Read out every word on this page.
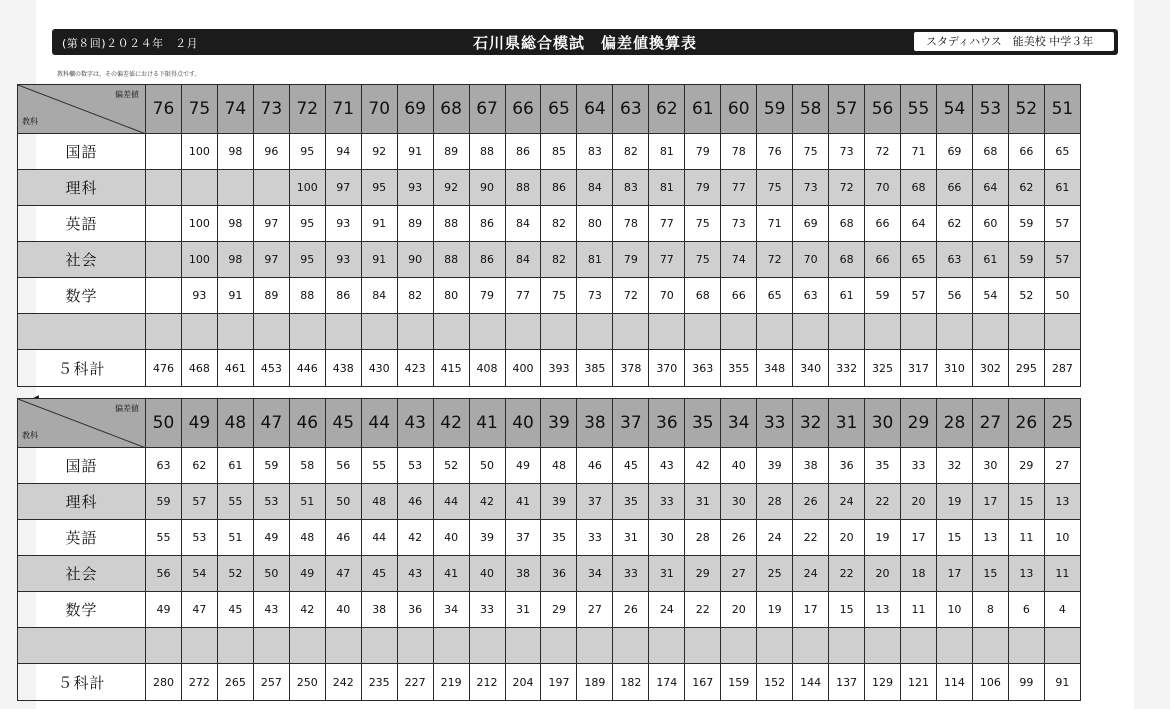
(第８回)２０２４年　２月	石川県総合模試　偏差値換算表	スタディハウス　能美校 中学３年
教科欄の数字は、その偏差値における下限得点です。
偏差値
教科	76	75	74	73	72	71	70	69	68	67	66	65	64	63	62	61	60	59	58	57	56	55	54	53	52	51
国語		100	98	96	95	94	92	91	89	88	86	85	83	82	81	79	78	76	75	73	72	71	69	68	66	65
理科					100	97	95	93	92	90	88	86	84	83	81	79	77	75	73	72	70	68	66	64	62	61
英語		100	98	97	95	93	91	89	88	86	84	82	80	78	77	75	73	71	69	68	66	64	62	60	59	57
社会		100	98	97	95	93	91	90	88	86	84	82	81	79	77	75	74	72	70	68	66	65	63	61	59	57
数学		93	91	89	88	86	84	82	80	79	77	75	73	72	70	68	66	65	63	61	59	57	56	54	52	50

５科計	476	468	461	453	446	438	430	423	415	408	400	393	385	378	370	363	355	348	340	332	325	317	310	302	295	287
偏差値
教科	50	49	48	47	46	45	44	43	42	41	40	39	38	37	36	35	34	33	32	31	30	29	28	27	26	25
国語	63	62	61	59	58	56	55	53	52	50	49	48	46	45	43	42	40	39	38	36	35	33	32	30	29	27
理科	59	57	55	53	51	50	48	46	44	42	41	39	37	35	33	31	30	28	26	24	22	20	19	17	15	13
英語	55	53	51	49	48	46	44	42	40	39	37	35	33	31	30	28	26	24	22	20	19	17	15	13	11	10
社会	56	54	52	50	49	47	45	43	41	40	38	36	34	33	31	29	27	25	24	22	20	18	17	15	13	11
数学	49	47	45	43	42	40	38	36	34	33	31	29	27	26	24	22	20	19	17	15	13	11	10	8	6	4

５科計	280	272	265	257	250	242	235	227	219	212	204	197	189	182	174	167	159	152	144	137	129	121	114	106	99	91
